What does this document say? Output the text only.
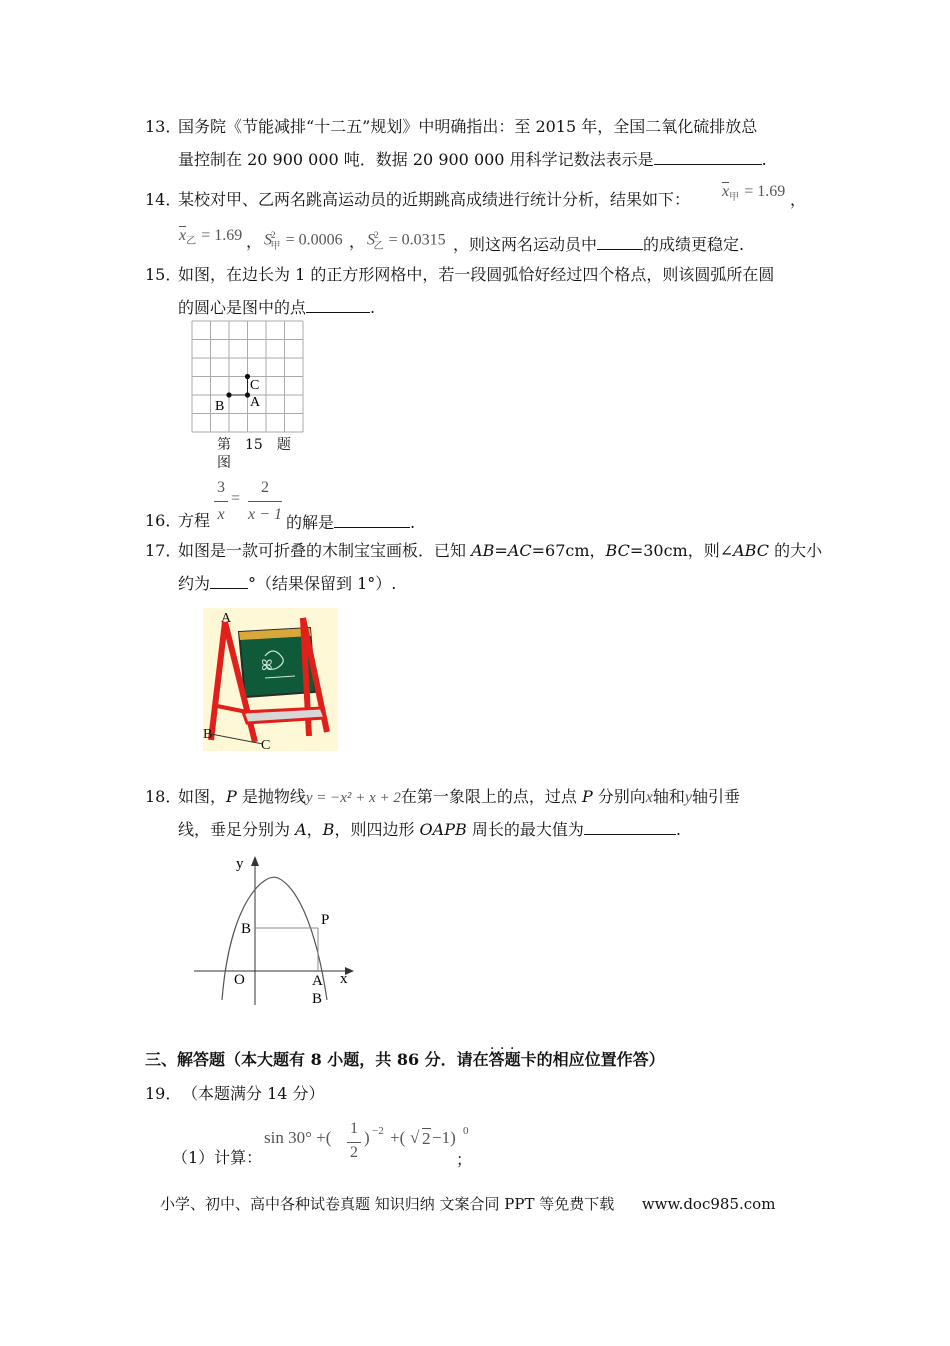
13．
国务院《节能减排“十二五”规划》中明确指出：至 2015 年，全国二氧化硫排放总
量控制在 20 900 000 吨．数据 20 900 000 用科学记数法表示是	.
14．
某校对甲、乙两名跳高运动员的近期跳高成绩进行统计分析，结果如下： $\overline{x}_甲 = 1.69$ ，
$\overline{x}_乙 = 1.69$ ， $S^2_甲 = 0.0006$ ， $S^2_乙 = 0.0315$ ，则这两名运动员中	的成绩更稳定.
15．
如图，在边长为 1 的正方形网格中，若一段圆弧恰好经过四个格点，则该圆弧所在圆
的圆心是图中的点	.
C
B A
第　15　题
图
16．
方程
3
x
=
2
x − 1 的解是	.
17．
如图是一款可折叠的木制宝宝画板．已知 AB=AC=67cm，BC=30cm，则∠ABC 的大小
约为 °（结果保留到 1°）.
ꕤ
A
B
C
18．
如图，P 是抛物线y = −x² + x + 2在第一象限上的点，过点 P 分别向x轴和y轴引垂
线，垂足分别为 A，B，则四边形 OAPB 周长的最大值为	.
y
x
O
B
P
A
B
．．．
三、解答题（本大题有 8 小题，共 86 分．请在答题卡的相应位置作答）
19． （本题满分 14 分）
（1）计算：
sin 30° +( 1
2
) −2 +( √ 2 −1) 0
；
小学、初中、高中各种试卷真题 知识归纳 文案合同 PPT 等免费下载 www.doc985.com
